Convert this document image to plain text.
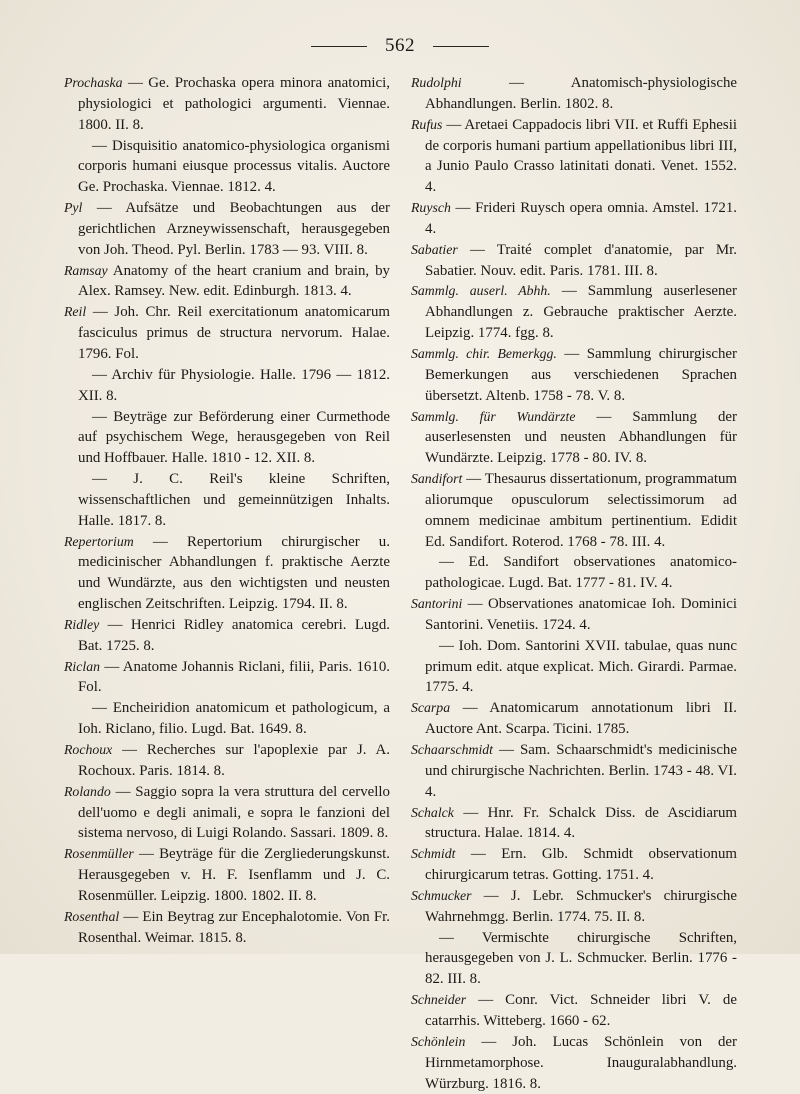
562

Prochaska — Ge. Prochaska opera minora anatomici, physiologici et pathologici argumenti. Viennae. 1800. II. 8.

— Disquisitio anatomico-physiologica organismi corporis humani eiusque processus vitalis. Auctore Ge. Prochaska. Viennae. 1812. 4.

Pyl — Aufsätze und Beobachtungen aus der gerichtlichen Arzneywissenschaft, herausgegeben von Joh. Theod. Pyl. Berlin. 1783 — 93. VIII. 8.

Ramsay Anatomy of the heart cranium and brain, by Alex. Ramsey. New. edit. Edinburgh. 1813. 4.

Reil — Joh. Chr. Reil exercitationum anatomicarum fasciculus primus de structura nervorum. Halae. 1796. Fol.

— Archiv für Physiologie. Halle. 1796 — 1812. XII. 8.

— Beyträge zur Beförderung einer Curmethode auf psychischem Wege, herausgegeben von Reil und Hoffbauer. Halle. 1810 - 12. XII. 8.

— J. C. Reil's kleine Schriften, wissenschaftlichen und gemeinnützigen Inhalts. Halle. 1817. 8.

Repertorium — Repertorium chirurgischer u. medicinischer Abhandlungen f. praktische Aerzte und Wundärzte, aus den wichtigsten und neusten englischen Zeitschriften. Leipzig. 1794. II. 8.

Ridley — Henrici Ridley anatomica cerebri. Lugd. Bat. 1725. 8.

Riclan — Anatome Johannis Riclani, filii, Paris. 1610. Fol.

— Encheiridion anatomicum et pathologicum, a Ioh. Riclano, filio. Lugd. Bat. 1649. 8.

Rochoux — Recherches sur l'apoplexie par J. A. Rochoux. Paris. 1814. 8.

Rolando — Saggio sopra la vera struttura del cervello dell'uomo e degli animali, e sopra le fanzioni del sistema nervoso, di Luigi Rolando. Sassari. 1809. 8.

Rosenmüller — Beyträge für die Zergliederungskunst. Herausgegeben v. H. F. Isenflamm und J. C. Rosenmüller. Leipzig. 1800. 1802. II. 8.

Rosenthal — Ein Beytrag zur Encephalotomie. Von Fr. Rosenthal. Weimar. 1815. 8.

Rudolphi	— Anatomisch-physiologische Abhandlungen. Berlin. 1802. 8.

Rufus — Aretaei Cappadocis libri VII. et Ruffi Ephesii de corporis humani partium appellationibus libri III, a Junio Paulo Crasso latinitati donati. Venet. 1552. 4.

Ruysch — Frideri Ruysch opera omnia. Amstel. 1721. 4.

Sabatier — Traité complet d'anatomie, par Mr. Sabatier. Nouv. edit. Paris. 1781. III. 8.

Sammlg. auserl. Abhh. — Sammlung auserlesener Abhandlungen z. Gebrauche praktischer Aerzte. Leipzig. 1774. fgg. 8.

Sammlg. chir. Bemerkgg. — Sammlung chirurgischer Bemerkungen aus verschiedenen Sprachen übersetzt. Altenb. 1758 - 78. V. 8.

Sammlg. für Wundärzte — Sammlung der auserlesensten und neusten Abhandlungen für Wundärzte. Leipzig. 1778 - 80. IV. 8.

Sandifort — Thesaurus dissertationum, programmatum aliorumque opusculorum selectissimorum ad omnem medicinae ambitum pertinentium. Edidit Ed. Sandifort. Roterod. 1768 - 78. III. 4.

— Ed. Sandifort observationes anatomico-pathologicae. Lugd. Bat. 1777 - 81. IV. 4.

Santorini — Observationes anatomicae Ioh. Dominici Santorini. Venetiis. 1724. 4.

— Ioh. Dom. Santorini XVII. tabulae, quas nunc primum edit. atque explicat. Mich. Girardi. Parmae. 1775. 4.

Scarpa — Anatomicarum annotationum libri II. Auctore Ant. Scarpa. Ticini. 1785.

Schaarschmidt — Sam. Schaarschmidt's medicinische und chirurgische Nachrichten. Berlin. 1743 - 48. VI. 4.

Schalck — Hnr. Fr. Schalck Diss. de Ascidiarum structura. Halae. 1814. 4.

Schmidt — Ern. Glb. Schmidt observationum chirurgicarum tetras. Gotting. 1751. 4.

Schmucker — J. Lebr. Schmucker's chirurgische Wahrnehmgg. Berlin. 1774. 75. II. 8.

— Vermischte chirurgische Schriften, herausgegeben von J. L. Schmucker. Berlin. 1776 - 82. III. 8.

Schneider — Conr. Vict. Schneider libri V. de catarrhis. Witteberg. 1660 - 62.

Schönlein — Joh. Lucas Schönlein von der Hirnmetamorphose. Inauguralabhandlung. Würzburg. 1816. 8.
